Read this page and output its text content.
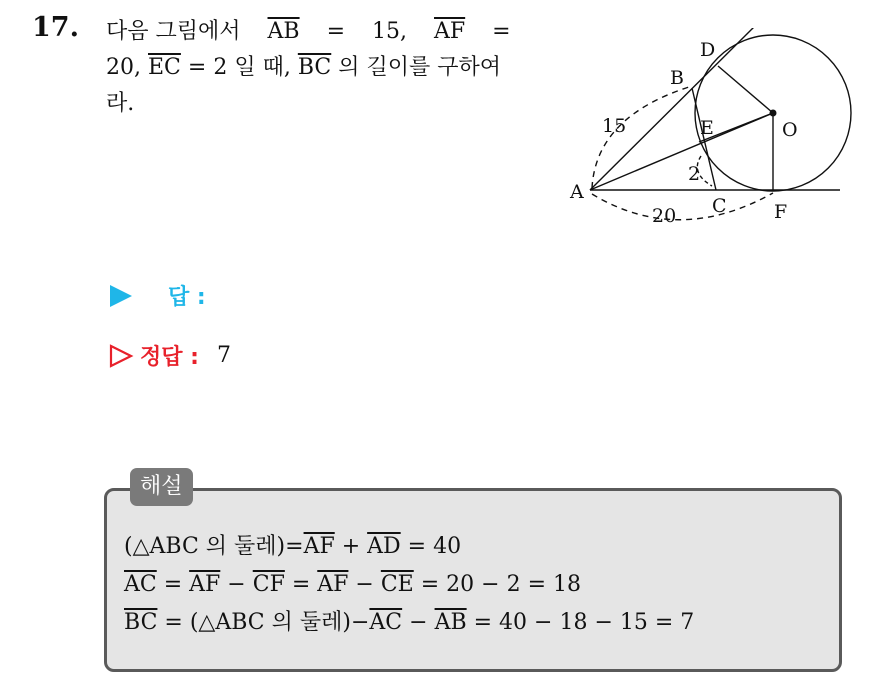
17. 다음 그림에서 $\overline{AB} = 15$, $\overline{AF}$ =
20, $\overline{EC} = 2$ 일 때, $\overline{BC}$ 의 길이를 구하여
라.
A
B
C
D
E
F
O
15
2
20
답 :
정답 : 7
해설
(△ABC 의 둘레)$=\overline{AF} + \overline{AD} = 40$
$\overline{AC} = \overline{AF} - \overline{CF} = \overline{AF} - \overline{CE} = 20 - 2 = 18$
$\overline{BC}$ = (△ABC 의 둘레)$-\overline{AC} - \overline{AB} = 40 - 18 - 15 = 7$
